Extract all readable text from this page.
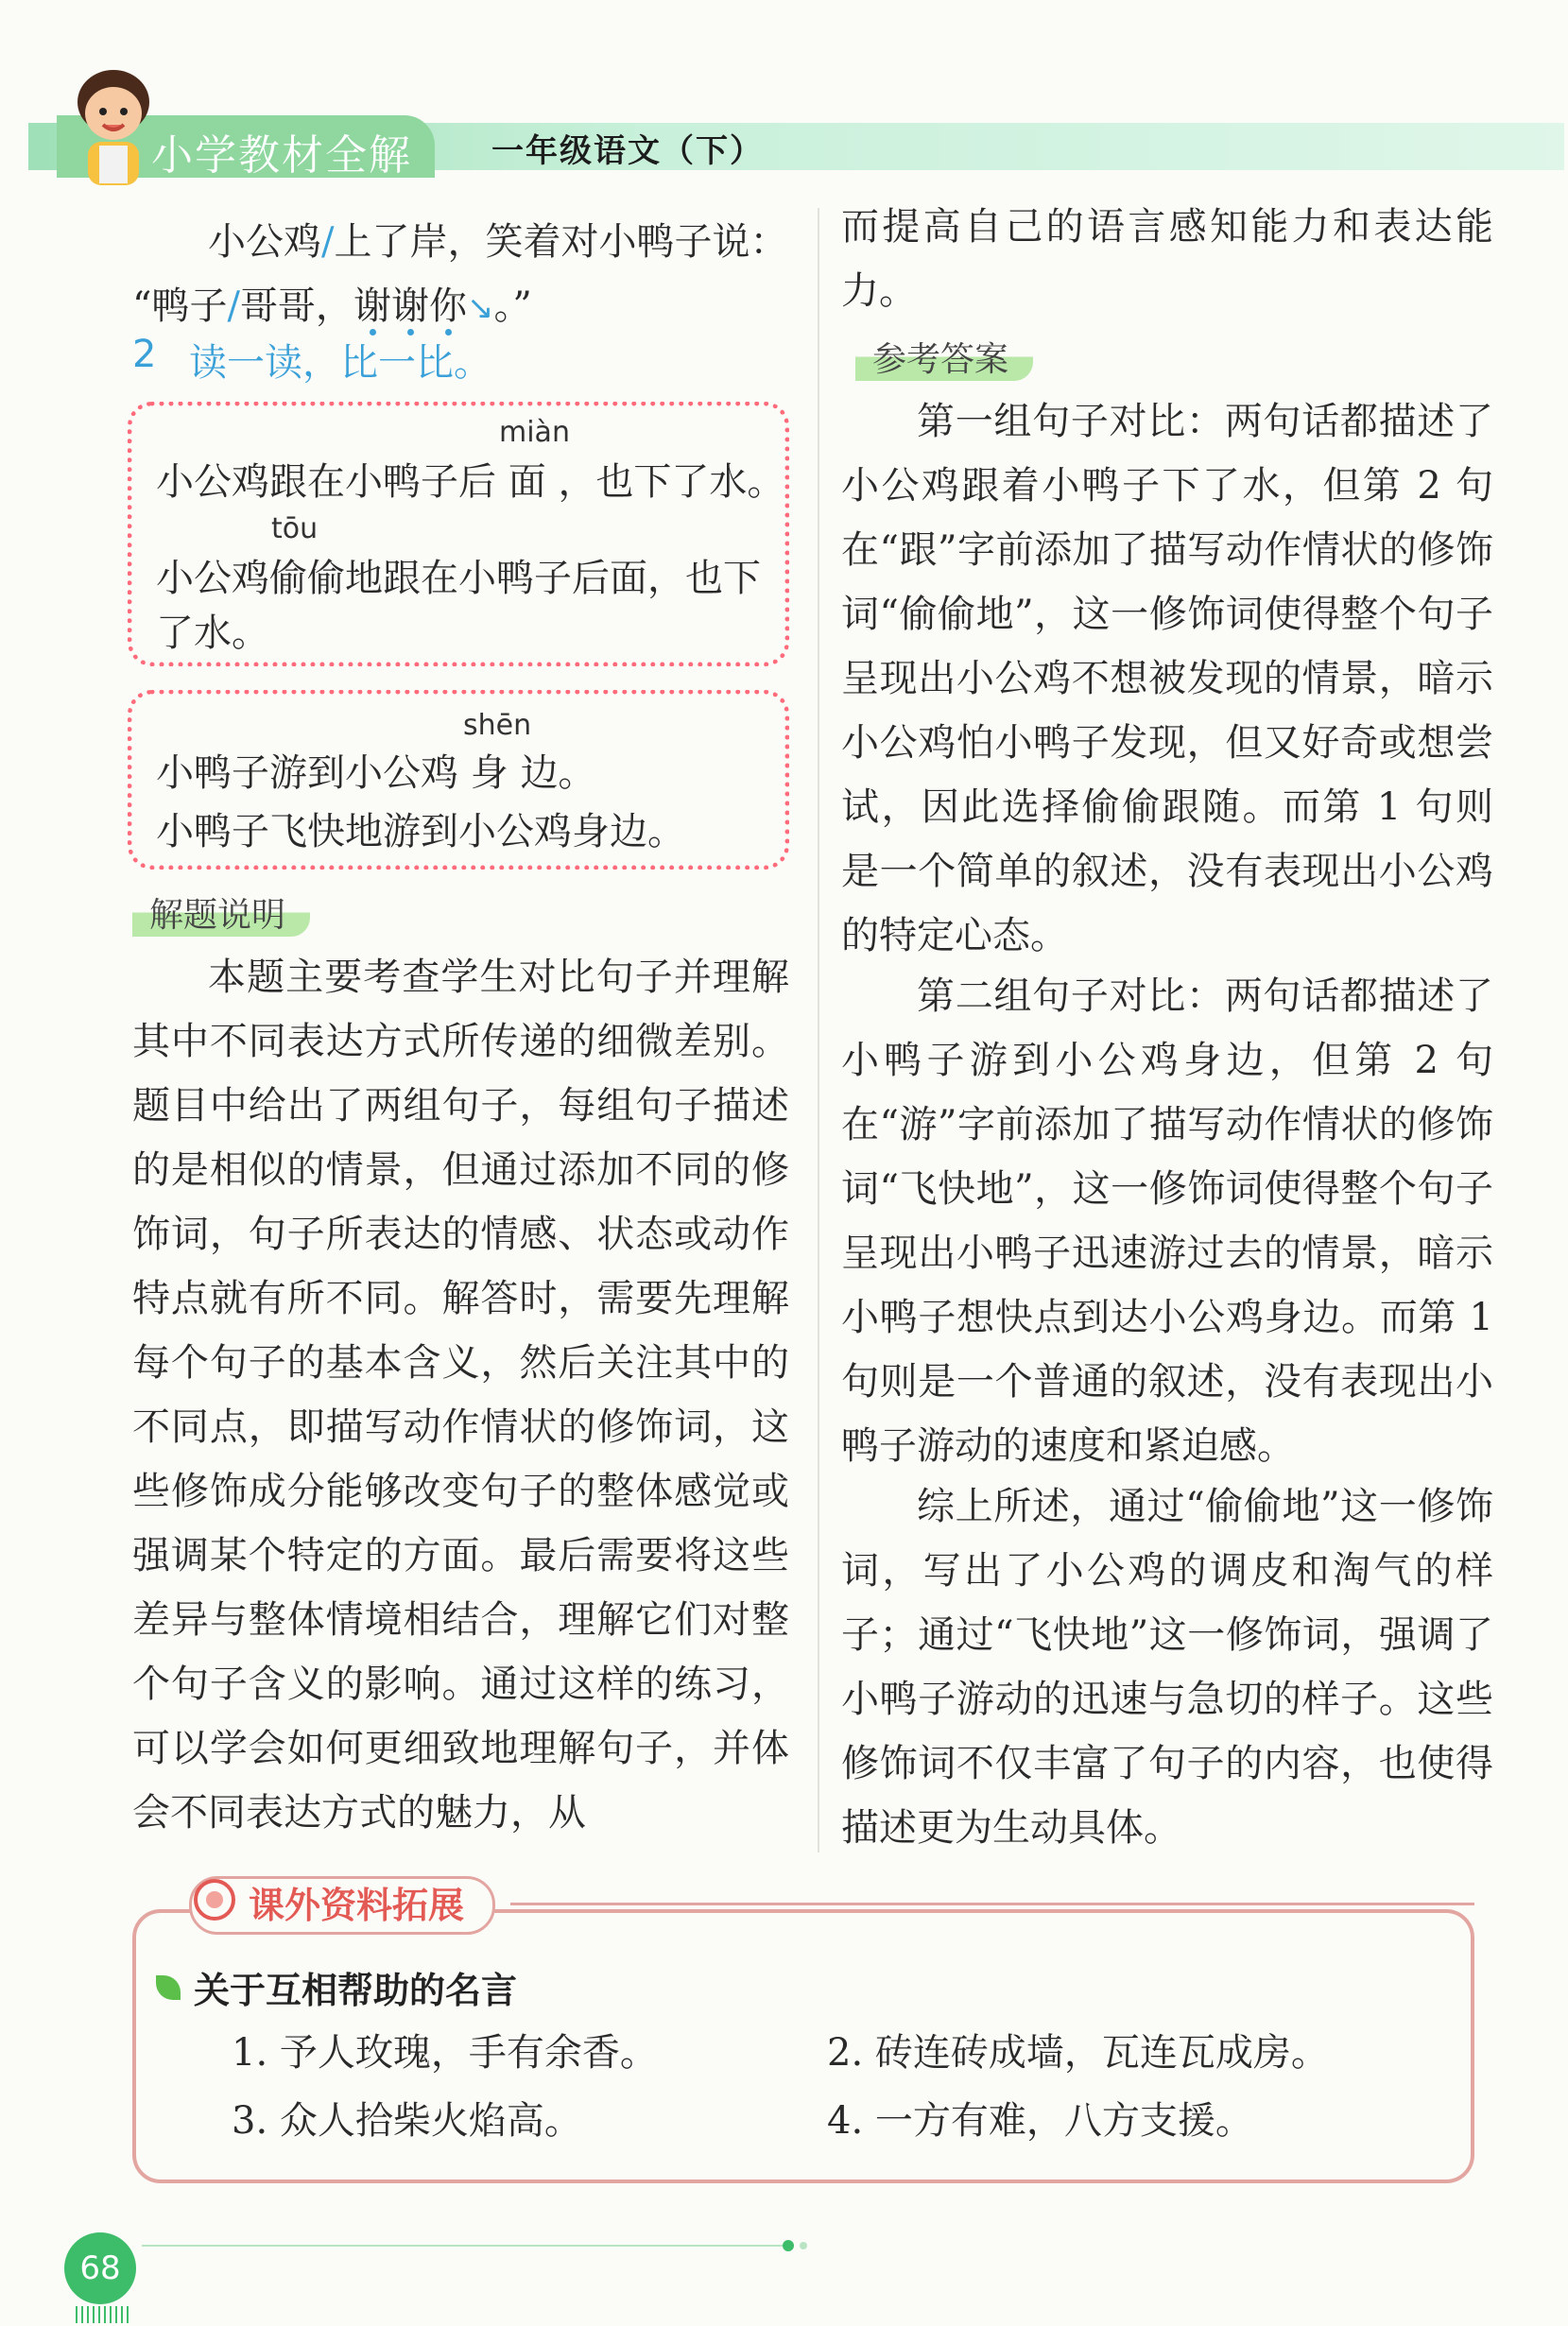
小学教材全解 一年级语文（下）

小公鸡/上了岸，笑着对小鸭子说：

“鸭子/哥哥，谢谢你↘。”

2 读一读，比一比。
miàn
小公鸡跟在小鸭子后 面 ，也下了水。
tōu
小公鸡偷偷地跟在小鸭子后面，也下
了水。
shēn
小鸭子游到小公鸡 身 边。
小鸭子飞快地游到小公鸡身边。
解题说明

本题主要考查学生对比句子并理解其中不同表达方式所传递的细微差别。题目中给出了两组句子，每组句子描述的是相似的情景，但通过添加不同的修饰词，句子所表达的情感、状态或动作特点就有所不同。解答时，需要先理解每个句子的基本含义，然后关注其中的不同点，即描写动作情状的修饰词，这些修饰成分能够改变句子的整体感觉或强调某个特定的方面。最后需要将这些差异与整体情境相结合，理解它们对整个句子含义的影响。通过这样的练习，可以学会如何更细致地理解句子，并体会不同表达方式的魅力，从

而提高自己的语言感知能力和表达能力。

参考答案

第一组句子对比：两句话都描述了小公鸡跟着小鸭子下了水，但第 2 句在“跟”字前添加了描写动作情状的修饰词“偷偷地”，这一修饰词使得整个句子呈现出小公鸡不想被发现的情景，暗示小公鸡怕小鸭子发现，但又好奇或想尝试，因此选择偷偷跟随。而第 1 句则是一个简单的叙述，没有表现出小公鸡的特定心态。

第二组句子对比：两句话都描述了小鸭子游到小公鸡身边，但第 2 句在“游”字前添加了描写动作情状的修饰词“飞快地”，这一修饰词使得整个句子呈现出小鸭子迅速游过去的情景，暗示小鸭子想快点到达小公鸡身边。而第 1 句则是一个普通的叙述，没有表现出小鸭子游动的速度和紧迫感。

综上所述，通过“偷偷地”这一修饰词，写出了小公鸡的调皮和淘气的样子；通过“飞快地”这一修饰词，强调了小鸭子游动的迅速与急切的样子。这些修饰词不仅丰富了句子的内容，也使得描述更为生动具体。

课外资料拓展
关于互相帮助的名言
1. 予人玫瑰，手有余香。	2. 砖连砖成墙，瓦连瓦成房。
3. 众人拾柴火焰高。	4. 一方有难，八方支援。
68
